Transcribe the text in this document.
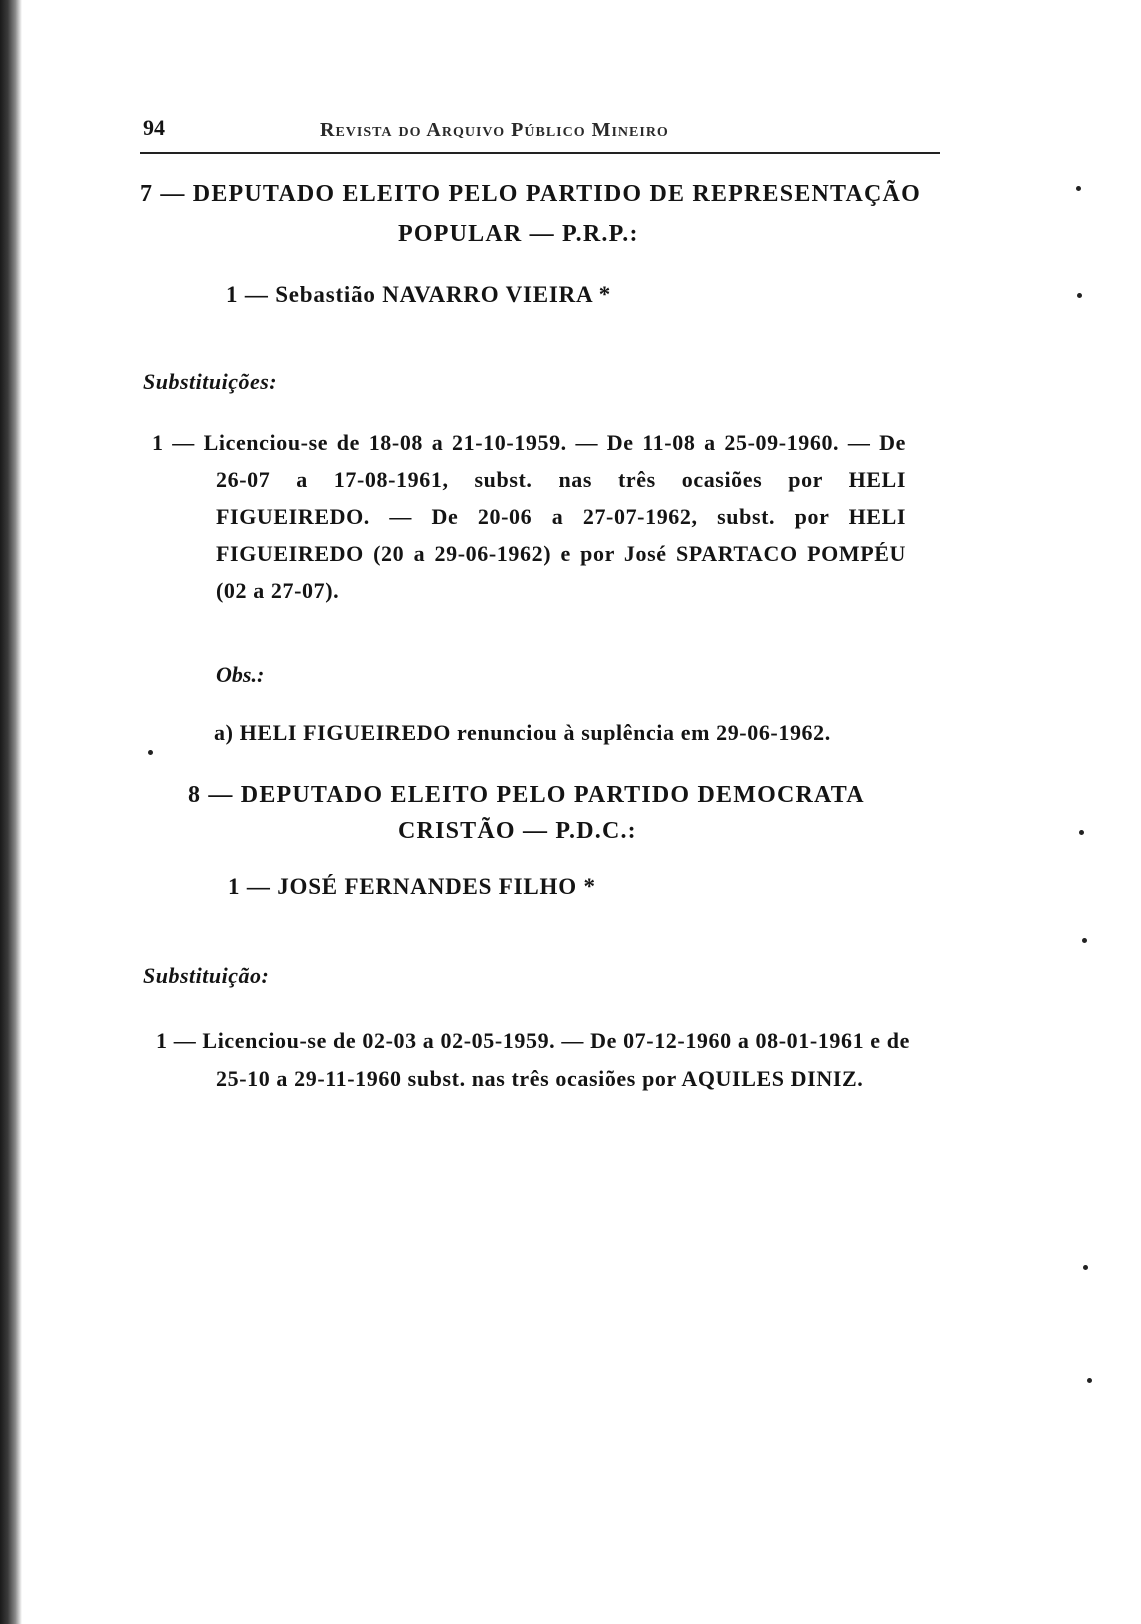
94	Revista do Arquivo Público Mineiro
7 — DEPUTADO ELEITO PELO PARTIDO DE REPRESENTAÇÃO
POPULAR — P.R.P.:
1 — Sebastião NAVARRO VIEIRA *
Substituições:
1 — Licenciou-se de 18-08 a 21-10-1959. — De 11-08 a 25-09-1960. — De 26-07 a 17-08-1961, subst. nas três ocasiões por HELI FIGUEIREDO. — De 20-06 a 27-07-1962, subst. por HELI FIGUEIREDO (20 a 29-06-1962) e por José SPARTACO POMPÉU (02 a 27-07).
Obs.:
a) HELI FIGUEIREDO renunciou à suplência em 29-06-1962.
8 — DEPUTADO ELEITO PELO PARTIDO DEMOCRATA
CRISTÃO — P.D.C.:
1 — JOSÉ FERNANDES FILHO *
Substituição:
1 — Licenciou-se de 02-03 a 02-05-1959. — De 07-12-1960 a 08-01-1961 e de 25-10 a 29-11-1960 subst. nas três ocasiões por AQUILES DINIZ.
